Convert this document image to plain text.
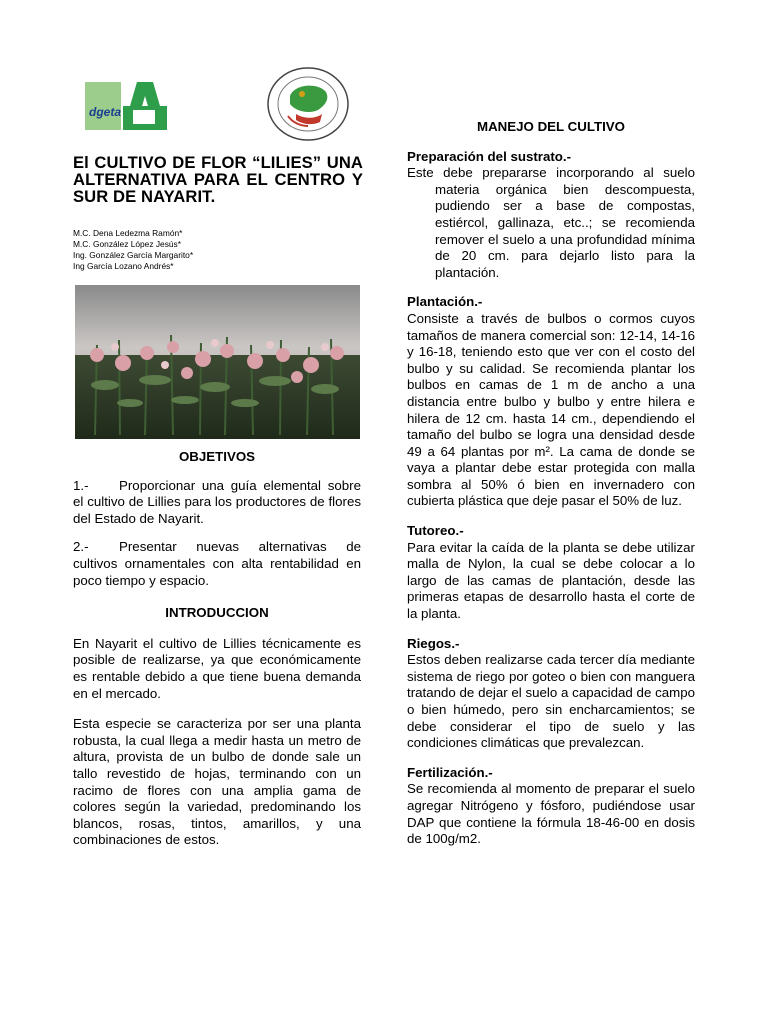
dgeta
El CULTIVO DE FLOR “LILIES” UNA ALTERNATIVA PARA EL CENTRO Y SUR DE NAYARIT.
M.C. Dena Ledezma Ramón*
M.C. González López Jesús*
Ing. González García Margarito*
Ing García Lozano Andrés*

OBJETIVOS

1.- Proporcionar una guía elemental sobre el cultivo de Lillies para los productores de flores del Estado de Nayarit.

2.- Presentar nuevas alternativas de cultivos ornamentales con alta rentabilidad en poco tiempo y espacio.

INTRODUCCION

En Nayarit el cultivo de Lillies técnicamente es posible de realizarse, ya que económicamente es rentable debido a que tiene buena demanda en el mercado.

Esta especie se caracteriza por ser una planta robusta, la cual llega a medir hasta un metro de altura, provista de un bulbo de donde sale un tallo revestido de hojas, terminando con un racimo de flores con una amplia gama de colores según la variedad, predominando los blancos, rosas, tintos, amarillos, y una combinaciones de estos.

MANEJO DEL CULTIVO

Preparación del sustrato.-

Este debe prepararse incorporando al suelo materia orgánica bien descompuesta, pudiendo ser a base de compostas, estiércol, gallinaza, etc..; se recomienda remover el suelo a una profundidad mínima de 20 cm. para dejarlo listo para la plantación.

Plantación.-

Consiste a través de bulbos o cormos cuyos tamaños de manera comercial son: 12-14, 14-16 y 16-18, teniendo esto que ver con el costo del bulbo y su calidad. Se recomienda plantar los bulbos en camas de 1 m de ancho a una distancia entre bulbo y bulbo y entre hilera e hilera de 12 cm. hasta 14 cm., dependiendo el tamaño del bulbo se logra una densidad desde 49 a 64 plantas por m². La cama de donde se vaya a plantar debe estar protegida con malla sombra al 50% ó bien en invernadero con cubierta plástica que deje pasar el 50% de luz.

Tutoreo.-

Para evitar la caída de la planta se debe utilizar malla de Nylon, la cual se debe colocar a lo largo de las camas de plantación, desde las primeras etapas de desarrollo hasta el corte de la planta.

Riegos.-

Estos deben realizarse cada tercer día mediante sistema de riego por goteo o bien con manguera tratando de dejar el suelo a capacidad de campo o bien húmedo, pero sin encharcamientos; se debe considerar el tipo de suelo y las condiciones climáticas que prevalezcan.

Fertilización.-

Se recomienda al momento de preparar el suelo agregar Nitrógeno y fósforo, pudiéndose usar DAP que contiene la fórmula 18-46-00 en dosis de 100g/m2.
